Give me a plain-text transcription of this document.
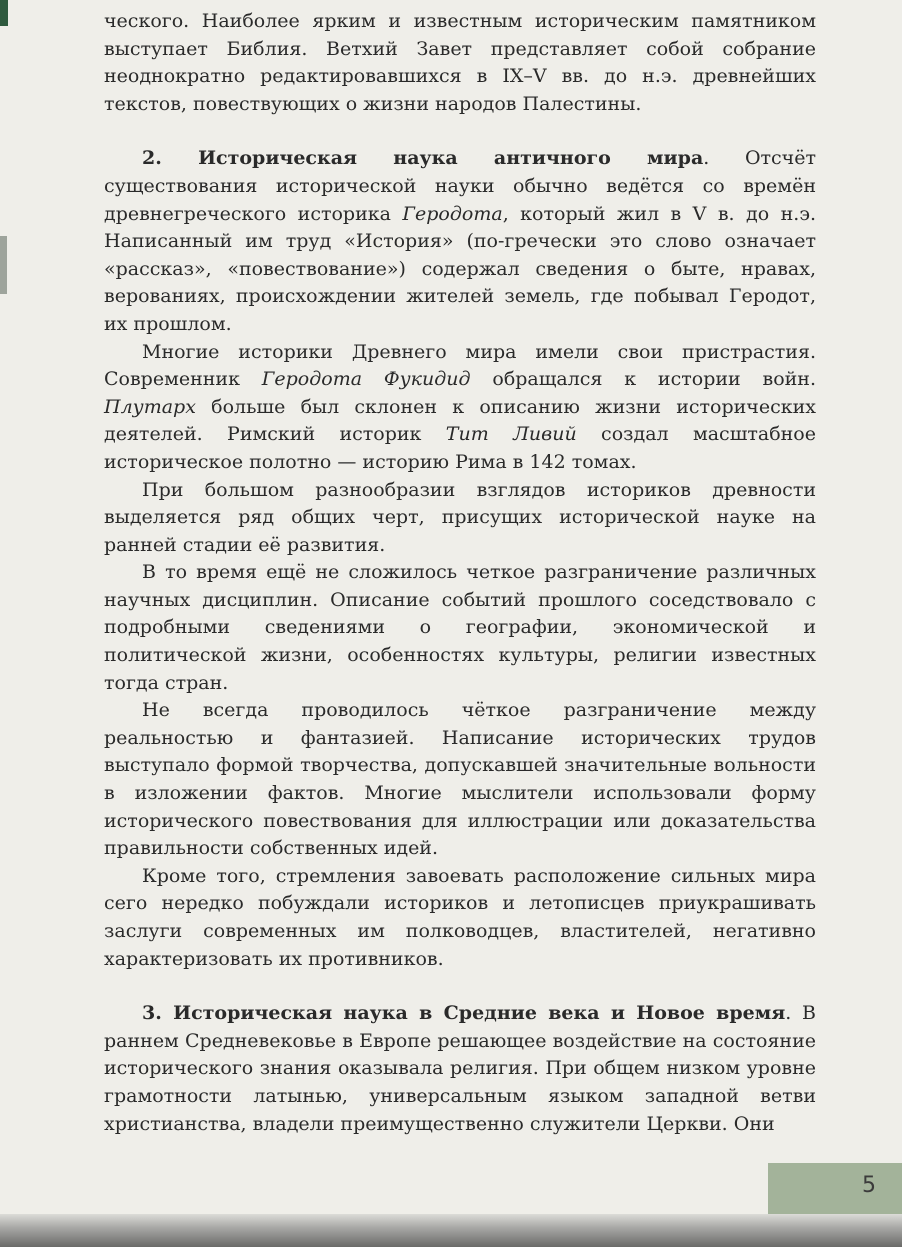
ческого. Наиболее ярким и известным историческим памятником выступает Библия. Ветхий Завет представляет собой собрание неоднократно редактировавшихся в IX–V вв. до н.э. древнейших текстов, повествующих о жизни народов Палестины.

2. Историческая наука античного мира. Отсчёт существования исторической науки обычно ведётся со времён древнегреческого историка Геродота, который жил в V в. до н.э. Написанный им труд «История» (по-гречески это слово означает «рассказ», «повествование») содержал сведения о быте, нравах, верованиях, происхождении жителей земель, где побывал Геродот, их прошлом.

Многие историки Древнего мира имели свои пристрастия. Современник Геродота Фукидид обращался к истории войн. Плутарх больше был склонен к описанию жизни исторических деятелей. Римский историк Тит Ливий создал масштабное историческое полотно — историю Рима в 142 томах.

При большом разнообразии взглядов историков древности выделяется ряд общих черт, присущих исторической науке на ранней стадии её развития.

В то время ещё не сложилось четкое разграничение различных научных дисциплин. Описание событий прошлого соседствовало с подробными сведениями о географии, экономической и политической жизни, особенностях культуры, религии известных тогда стран.

Не всегда проводилось чёткое разграничение между реальностью и фантазией. Написание исторических трудов выступало формой творчества, допускавшей значительные вольности в изложении фактов. Многие мыслители использовали форму исторического повествования для иллюстрации или доказательства правильности собственных идей.

Кроме того, стремления завоевать расположение сильных мира сего нередко побуждали историков и летописцев приукрашивать заслуги современных им полководцев, властителей, негативно характеризовать их противников.

3. Историческая наука в Средние века и Новое время. В раннем Средневековье в Европе решающее воздействие на состояние исторического знания оказывала религия. При общем низком уровне грамотности латынью, универсальным языком западной ветви христианства, владели преимущественно служители Церкви. Они

5
